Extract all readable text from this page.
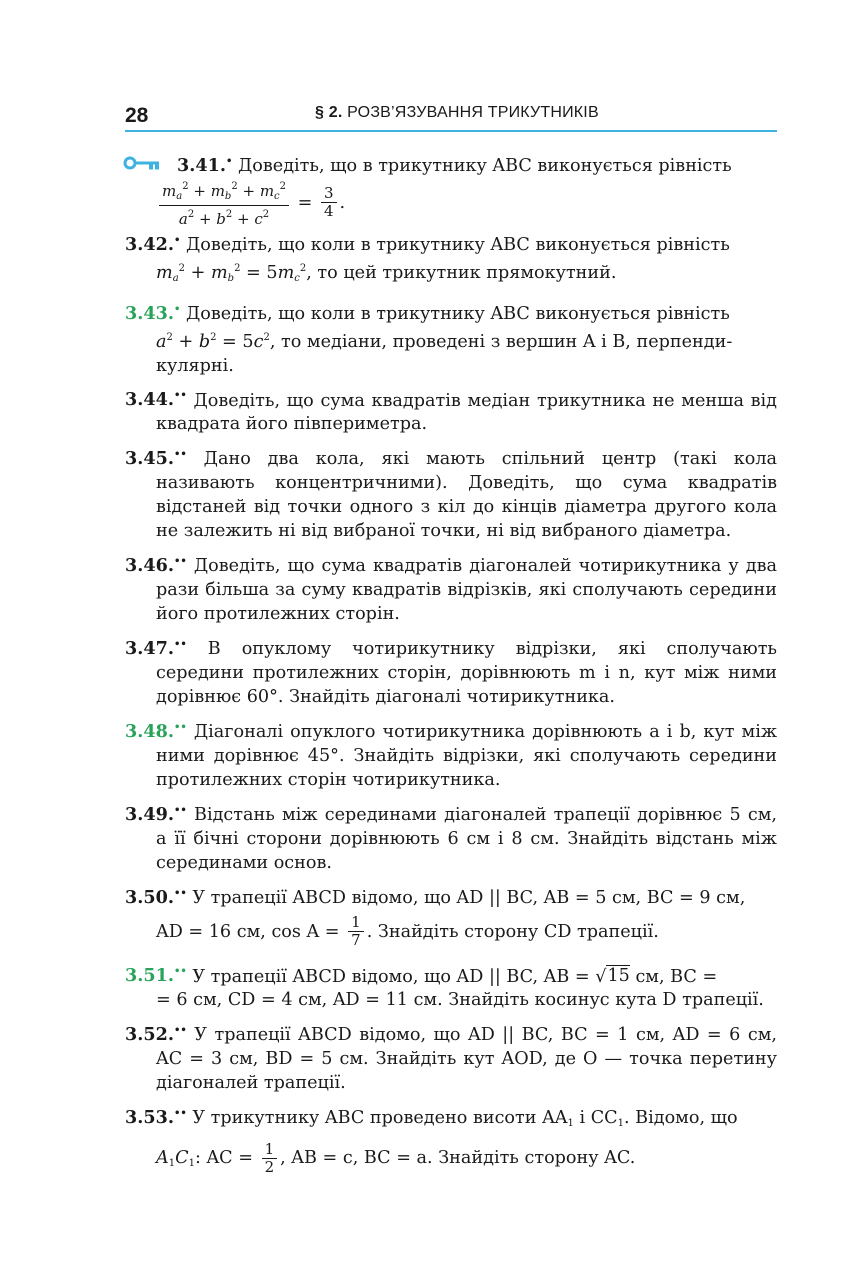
28	§ 2. РОЗВ’ЯЗУВАННЯ ТРИКУТНИКІВ
3.41.• Доведіть, що в трикутнику ABC виконується рівність
$\frac{m_a^2 + m_b^2 + m_c^2}{a^2 + b^2 + c^2} = \frac{3}{4}$ .
3.42.• Доведіть, що коли в трикутнику ABC виконується рівність
$m_a^2 + m_b^2 = 5m_c^2$, то цей трикутник прямокутний.
3.43.• Доведіть, що коли в трикутнику ABC виконується рівність
$a^2 + b^2 = 5c^2$, то медіани, проведені з вершин A і B, перпенди-
кулярні.
3.44.•• Доведіть, що сума квадратів медіан трикутника не менша від квадрата його півпериметра.
3.45.•• Дано два кола, які мають спільний центр (такі кола називають концентричними). Доведіть, що сума квадратів відстаней від точки одного з кіл до кінців діаметра другого кола не залежить ні від вибраної точки, ні від вибраного діаметра.
3.46.•• Доведіть, що сума квадратів діагоналей чотирикутника у два рази більша за суму квадратів відрізків, які сполучають середини його протилежних сторін.
3.47.•• В опуклому чотирикутнику відрізки, які сполучають середини протилежних сторін, дорівнюють m і n, кут між ними дорівнює 60°. Знайдіть діагоналі чотирикутника.
3.48.•• Діагоналі опуклого чотирикутника дорівнюють a і b, кут між ними дорівнює 45°. Знайдіть відрізки, які сполучають середини протилежних сторін чотирикутника.
3.49.•• Відстань між серединами діагоналей трапеції дорівнює 5 см, а її бічні сторони дорівнюють 6 см і 8 см. Знайдіть відстань між серединами основ.
3.50.•• У трапеції ABCD відомо, що AD || BC, AB = 5 см, BC = 9 см,
AD = 16 см, $\cos A = \frac{1}{7}$ . Знайдіть сторону CD трапеції.
3.51.•• У трапеції ABCD відомо, що AD || BC, AB = √15 см, BC =
= 6 см, CD = 4 см, AD = 11 см. Знайдіть косинус кута D трапеції.
3.52.•• У трапеції ABCD відомо, що AD || BC, BC = 1 см, AD = 6 см, AC = 3 см, BD = 5 см. Знайдіть кут AOD, де O — точка перетину діагоналей трапеції.
3.53.•• У трикутнику ABC проведено висоти $AA_1$ і $CC_1$. Відомо, що
$A_1C_1$: AC = $\frac{1}{2}$ , AB = c, BC = a. Знайдіть сторону AC.
